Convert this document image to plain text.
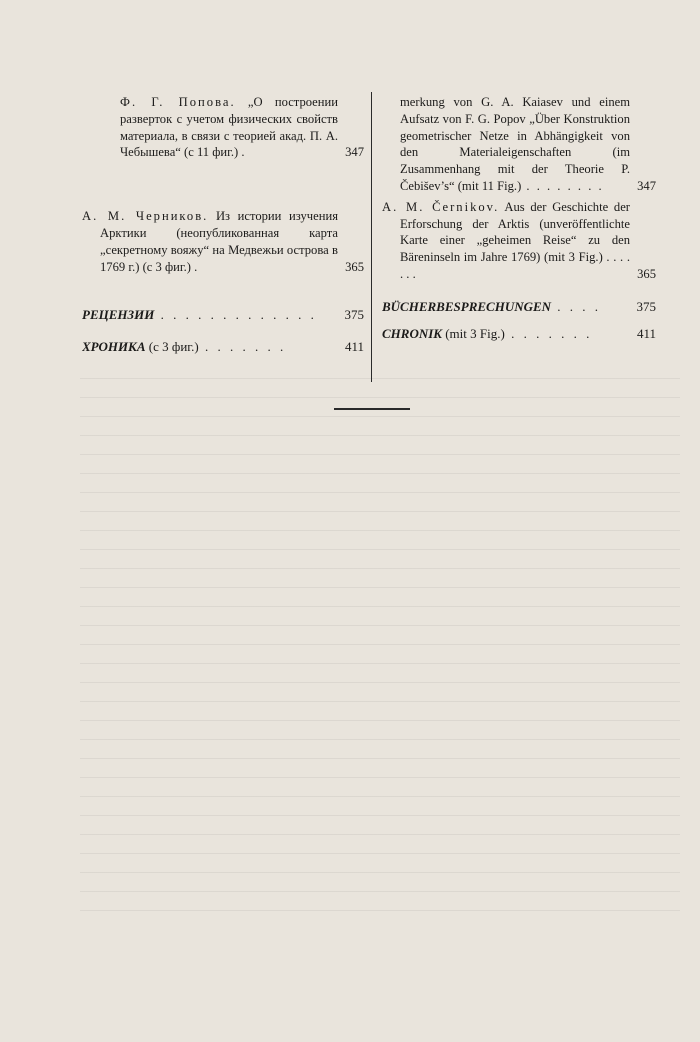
Ф. Г. Попова. „О построении разверток с учетом физических свойств материала, в связи с теорией акад. П. А. Чебышева“ (с 11 фиг.) .	347
А. М. Черников. Из истории изучения Арктики (неопубликованная карта „секретному вояжу“ на Медвежьи острова в 1769 г.) (с 3 фиг.) .	365
РЕЦЕНЗИИ . . . . . . . . . . . . .	375
ХРОНИКА (с 3 фиг.) . . . . . . .	411
merkung von G. A. Kaiasev und einem Aufsatz von F. G. Popov „Über Konstruktion geometrischer Netze in Abhängigkeit von den Materialeigenschaften (im Zusammenhang mit der Theorie P. Čebišev’s“ (mit 11 Fig.) . . . . . . . .	347
A. M. Černikov. Aus der Geschichte der Erforschung der Arktis (unveröffentlichte Karte einer „geheimen Reise“ zu den Bäreninseln im Jahre 1769) (mit 3 Fig.) . . . . . . .	365
BÜCHERBESPRECHUNGEN . . . .	375
CHRONIK (mit 3 Fig.) . . . . . . .	411
